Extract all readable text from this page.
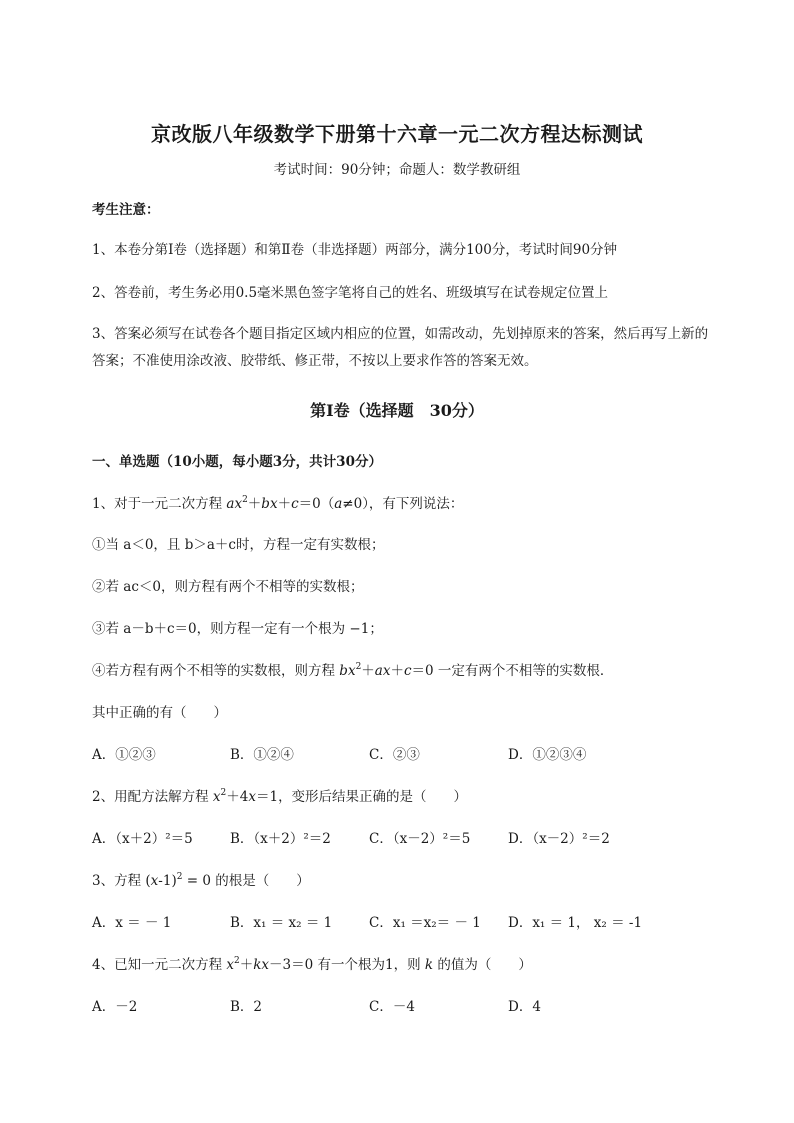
京改版八年级数学下册第十六章一元二次方程达标测试
考试时间：90分钟；命题人：数学教研组
考生注意：
1、本卷分第I卷（选择题）和第Ⅱ卷（非选择题）两部分，满分100分，考试时间90分钟
2、答卷前，考生务必用0.5毫米黑色签字笔将自己的姓名、班级填写在试卷规定位置上
3、答案必须写在试卷各个题目指定区域内相应的位置，如需改动，先划掉原来的答案，然后再写上新的答案；不准使用涂改液、胶带纸、修正带，不按以上要求作答的答案无效。
第I卷（选择题　30分）
一、单选题（10小题，每小题3分，共计30分）
1、对于一元二次方程 $ax^2+bx+c=0(a\ne 0)$，有下列说法：
①当 a＜0，且 b＞a＋c时，方程一定有实数根；
②若 ac＜0，则方程有两个不相等的实数根；
③若 a－b＋c＝0，则方程一定有一个根为 −1；
④若方程有两个不相等的实数根，则方程 $bx^2+ax+c=0$ 一定有两个不相等的实数根．
其中正确的有（　　）
A．①②③	B．①②④	C．②③	D．①②③④
2、用配方法解方程 $x^2+4x=1$，变形后结果正确的是（　　）
A．（x＋2）²＝5	B．（x＋2）²＝2	C．（x－2）²＝5	D．（x－2）²＝2
3、方程 $(x-1)^2 = 0$ 的根是（　　）
A．x ＝ － 1	B．x₁ ＝ x₂ ＝ 1	C．x₁ ＝x₂＝ － 1 D．x₁ ＝ 1， x₂ ＝ -1
4、已知一元二次方程 $x^2+kx-3=0$ 有一个根为1，则 k 的值为（　　）
A．－2	B．2	C．－4	D．4
